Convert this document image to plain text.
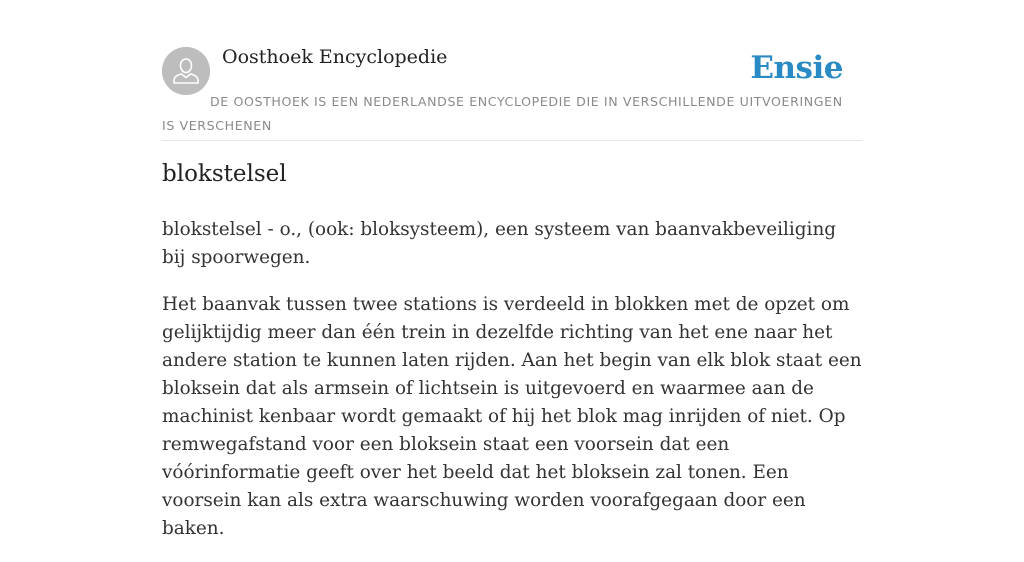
Oosthoek Encyclopedie	Ensie
DE OOSTHOEK IS EEN NEDERLANDSE ENCYCLOPEDIE DIE IN VERSCHILLENDE UITVOERINGEN IS VERSCHENEN
blokstelsel

blokstelsel - o., (ook: bloksysteem), een systeem van baanvakbeveiliging bij spoorwegen.

Het baanvak tussen twee stations is verdeeld in blokken met de opzet om gelijktijdig meer dan één trein in dezelfde richting van het ene naar het andere station te kunnen laten rijden. Aan het begin van elk blok staat een bloksein dat als armsein of lichtsein is uitgevoerd en waarmee aan de machinist kenbaar wordt gemaakt of hij het blok mag inrijden of niet. Op remwegafstand voor een bloksein staat een voorsein dat een vóórinformatie geeft over het beeld dat het bloksein zal tonen. Een voorsein kan als extra waarschuwing worden voorafgegaan door een baken.
